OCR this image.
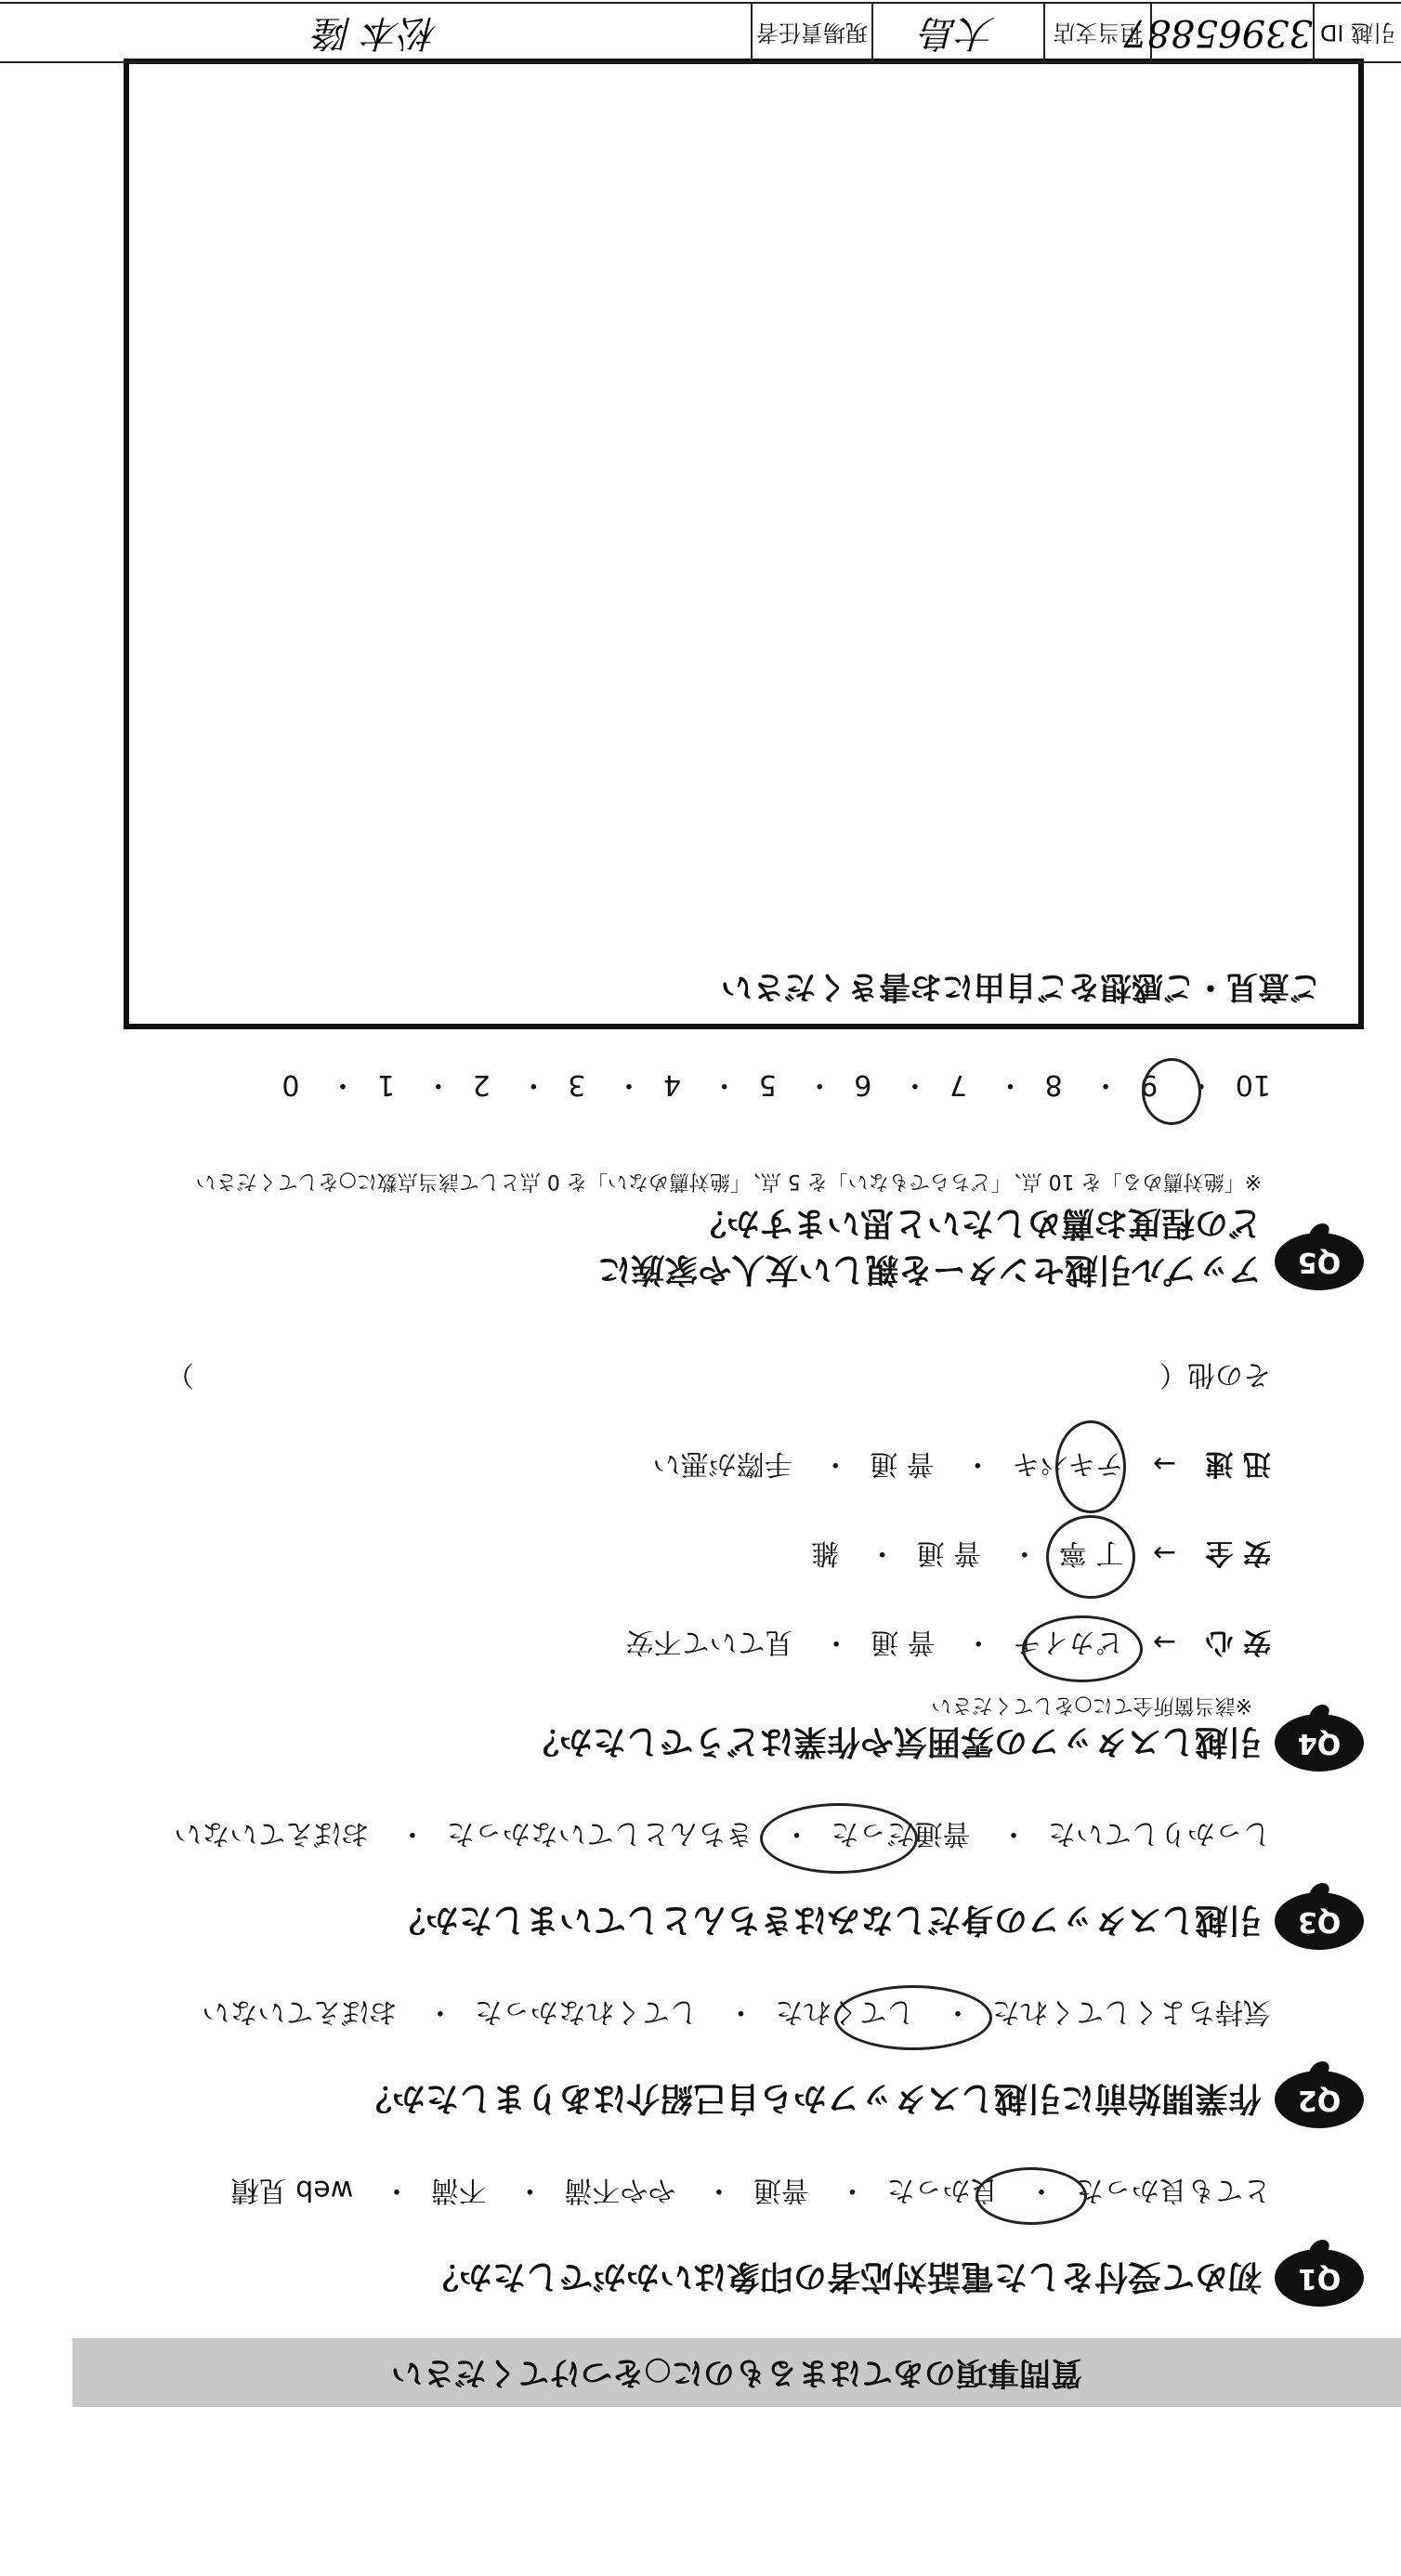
質問事項のあてはまるものに○をつけてください
Q1
初めて受付をした電話対応者の印象はいかがでしたか？
とても良かった・ 良かった・ 普通・ やや不満・ 不満・ web 見積
Q2
作業開始前に引越しスタッフから自己紹介はありましたか？
気持ちよくしてくれた・ してくれた・ してくれなかった・ おぼえていない
Q3
引越しスタッフの身だしなみはきちんとしていましたか？
しっかりしていた・ 普通だった・ きちんとしていなかった・ おぼえていない
Q4
引越しスタッフの雰囲気や作業はどうでしたか？
※該当箇所全てに○をしてください
安 心 → ピカイチ・ 普 通・ 見ていて不安
安 全 → 丁 寧・ 普 通・ 雑
迅 速 → テキパキ・ 普 通・ 手際が悪い
その他（  ）
Q5
アップル引越センターを親しい友人や家族に
どの程度お薦めしたいと思いますか？
※「絶対薦める」を 10 点、「どちらでもない」を 5 点、「絶対薦めない」を 0 点として該当点数に○をしてください
10・ 9・ 8・ 7・ 6・ 5・ 4・ 3・ 2・ 1・ 0
ご意見・ご感想をご自由にお書きください
引越 ID
33965887
担当支店
大島
現場責任者
松本 隆
